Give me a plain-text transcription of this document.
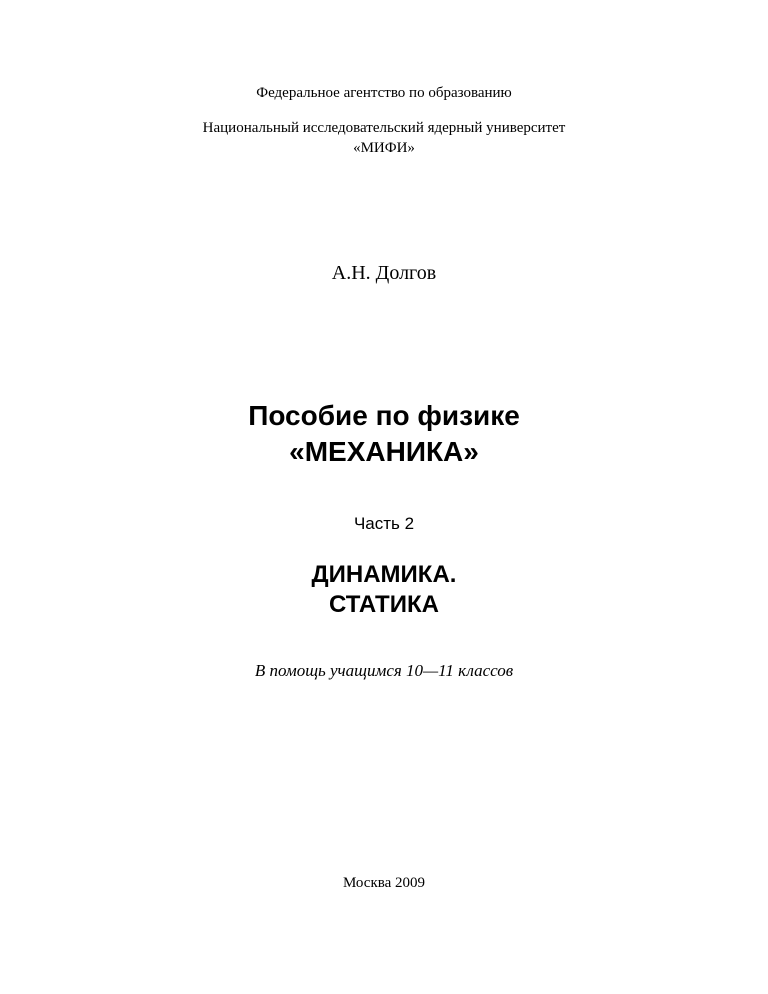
Федеральное агентство по образованию
Национальный исследовательский ядерный университет
«МИФИ»
А.Н. Долгов
Пособие по физике
«МЕХАНИКА»
Часть 2
ДИНАМИКА.
СТАТИКА
В помощь учащимся 10—11 классов
Москва 2009
